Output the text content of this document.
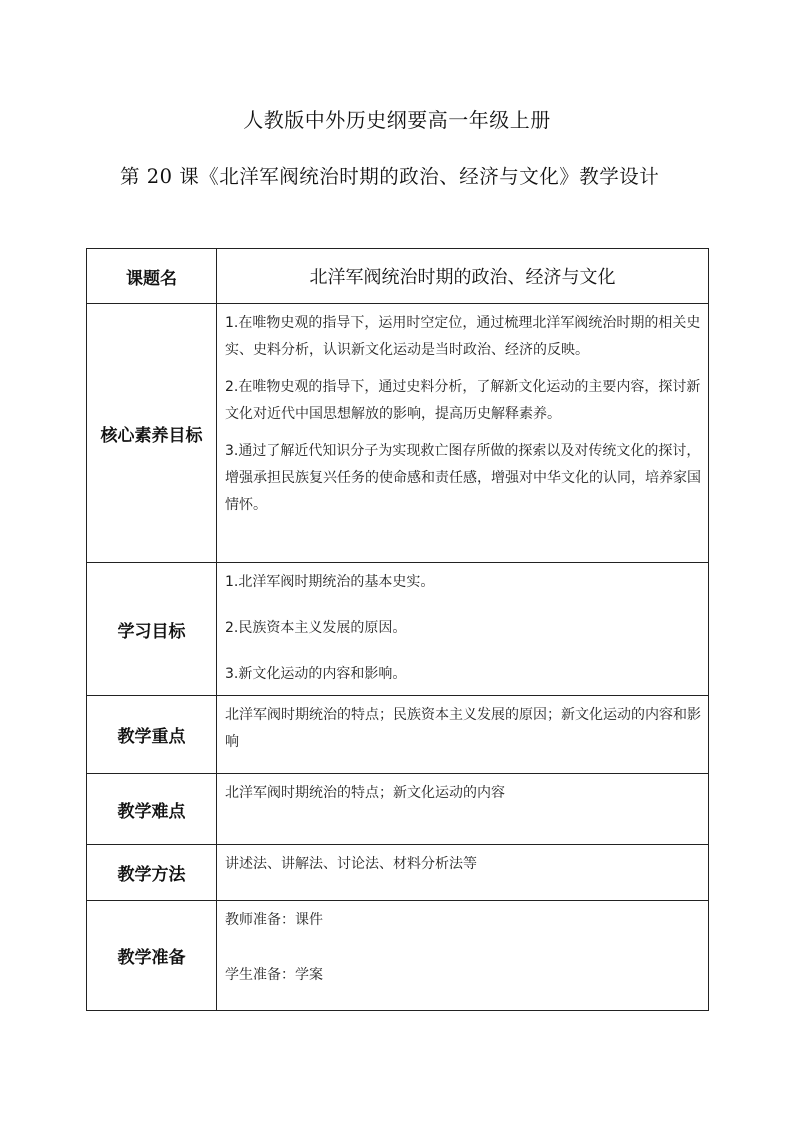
人教版中外历史纲要高一年级上册
第 20 课《北洋军阀统治时期的政治、经济与文化》教学设计
课题名	北洋军阀统治时期的政治、经济与文化
核心素养目标	1.在唯物史观的指导下，运用时空定位，通过梳理北洋军阀统治时期的相关史实、史料分析，认识新文化运动是当时政治、经济的反映。

2.在唯物史观的指导下，通过史料分析，了解新文化运动的主要内容，探讨新文化对近代中国思想解放的影响，提高历史解释素养。

3.通过了解近代知识分子为实现救亡图存所做的探索以及对传统文化的探讨，增强承担民族复兴任务的使命感和责任感，增强对中华文化的认同，培养家国情怀。

学习目标	1.北洋军阀时期统治的基本史实。

2.民族资本主义发展的原因。

3.新文化运动的内容和影响。

教学重点	北洋军阀时期统治的特点；民族资本主义发展的原因；新文化运动的内容和影响
教学难点	北洋军阀时期统治的特点；新文化运动的内容
教学方法	讲述法、讲解法、讨论法、材料分析法等
教学准备	教师准备：课件

学生准备：学案
